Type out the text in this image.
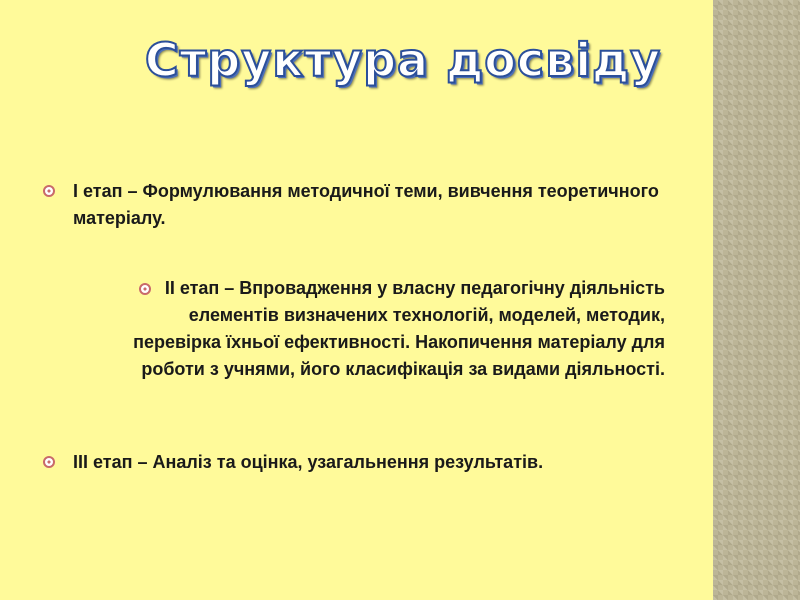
Структура досвіду
І етап – Формулювання методичної теми, вивчення теоретичного матеріалу.
ІІ етап – Впровадження у власну педагогічну діяльність елементів визначених технологій, моделей, методик, перевірка їхньої ефективності. Накопичення матеріалу для роботи з учнями, його класифікація за видами діяльності.
ІІІ етап – Аналіз та оцінка, узагальнення результатів.
